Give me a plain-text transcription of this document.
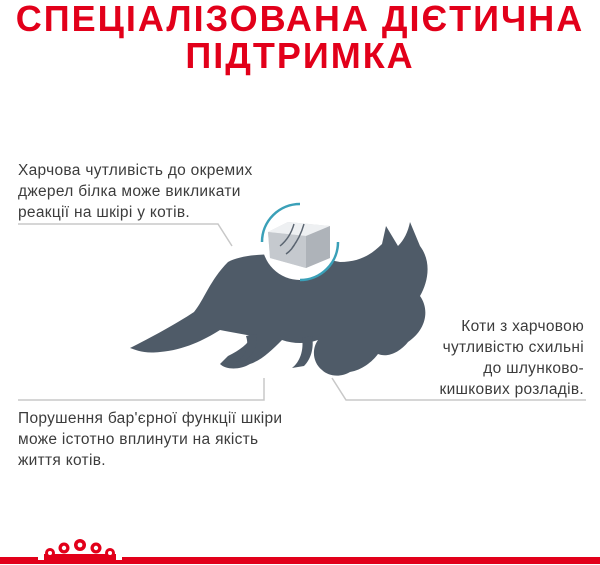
СПЕЦІАЛІЗОВАНА ДІЄТИЧНА
ПІДТРИМКА
Харчова чутливість до окремих
джерел білка може викликати
реакції на шкірі у котів.
Коти з харчовою
чутливістю схильні
до шлунково-
кишкових розладів.
Порушення бар'єрної функції шкіри
може істотно вплинути на якість
життя котів.
